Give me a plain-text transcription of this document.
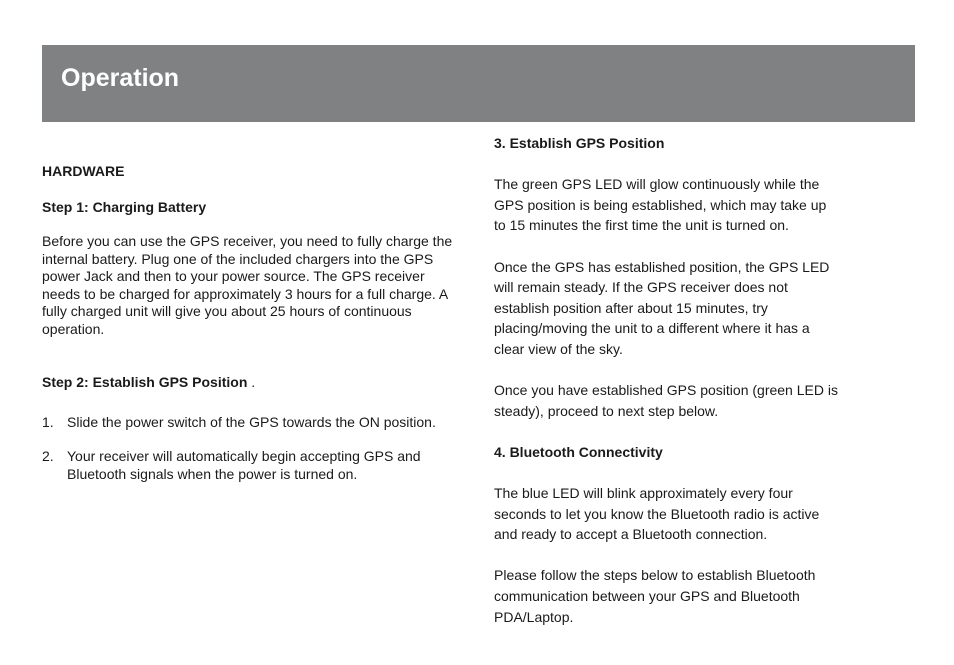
Operation

HARDWARE

Step 1: Charging Battery

Before you can use the GPS receiver, you need to fully charge the internal battery. Plug one of the included chargers into the GPS power Jack and then to your power source. The GPS receiver needs to be charged for approximately 3 hours for a full charge. A fully charged unit will give you about 25 hours of continuous operation.

Step 2: Establish GPS Position .

1. Slide the power switch of the GPS towards the ON position.
2. Your receiver will automatically begin accepting GPS and Bluetooth signals when the power is turned on.

3. Establish GPS Position

The green GPS LED will glow continuously while the GPS position is being established, which may take up to 15 minutes the first time the unit is turned on.

Once the GPS has established position, the GPS LED will remain steady. If the GPS receiver does not establish position after about 15 minutes, try placing/moving the unit to a different where it has a clear view of the sky.

Once you have established GPS position (green LED is steady), proceed to next step below.

4. Bluetooth Connectivity

The blue LED will blink approximately every four seconds to let you know the Bluetooth radio is active and ready to accept a Bluetooth connection.

Please follow the steps below to establish Bluetooth communication between your GPS and Bluetooth PDA/Laptop.
